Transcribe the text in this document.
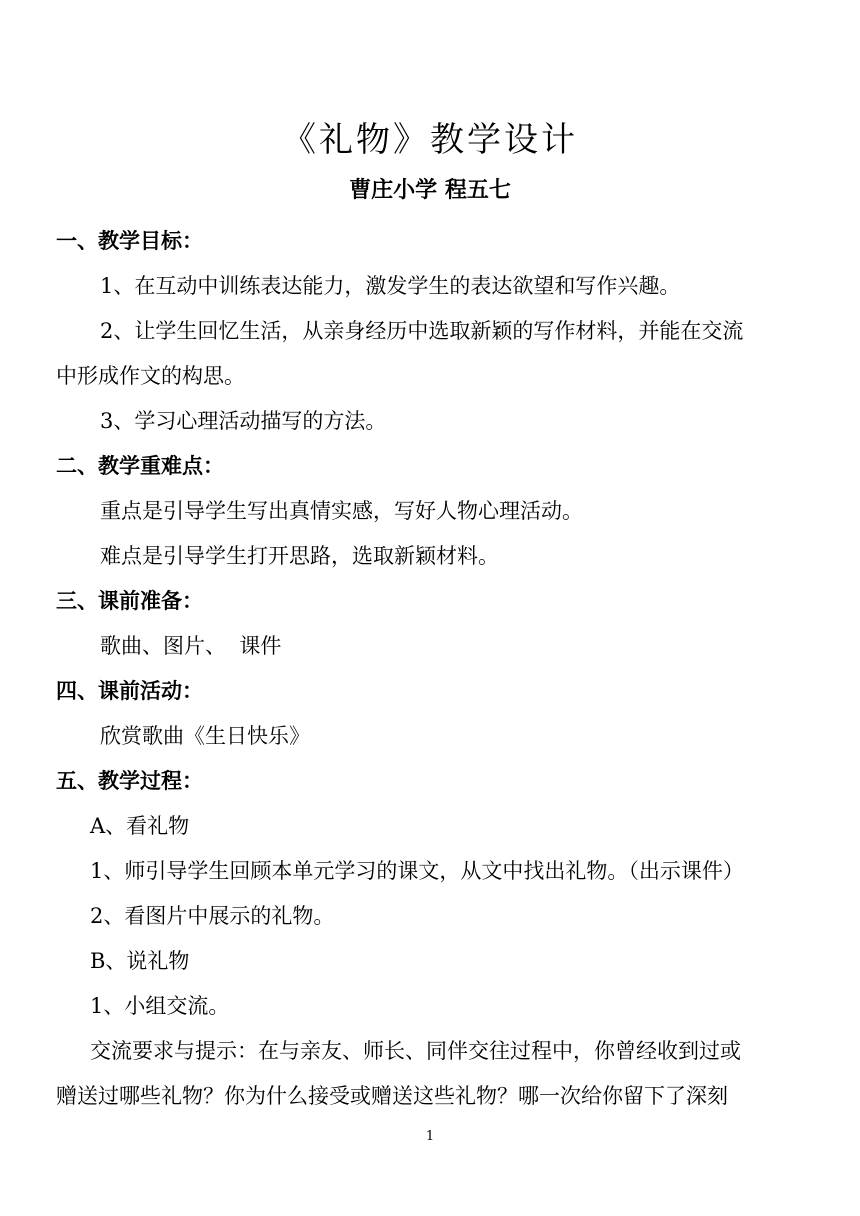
《礼物》教学设计
曹庄小学 程五七
一、教学目标：
1、在互动中训练表达能力，激发学生的表达欲望和写作兴趣。
2、让学生回忆生活，从亲身经历中选取新颖的写作材料，并能在交流
中形成作文的构思。
3、学习心理活动描写的方法。
二、教学重难点：
重点是引导学生写出真情实感，写好人物心理活动。
难点是引导学生打开思路，选取新颖材料。
三、课前准备：
歌曲、图片、  课件
四、课前活动：
欣赏歌曲《生日快乐》
五、教学过程：
A、看礼物
1、师引导学生回顾本单元学习的课文，从文中找出礼物。（出示课件）
2、看图片中展示的礼物。
B、说礼物
1、小组交流。
交流要求与提示：在与亲友、师长、同伴交往过程中，你曾经收到过或
赠送过哪些礼物？你为什么接受或赠送这些礼物？哪一次给你留下了深刻
1
